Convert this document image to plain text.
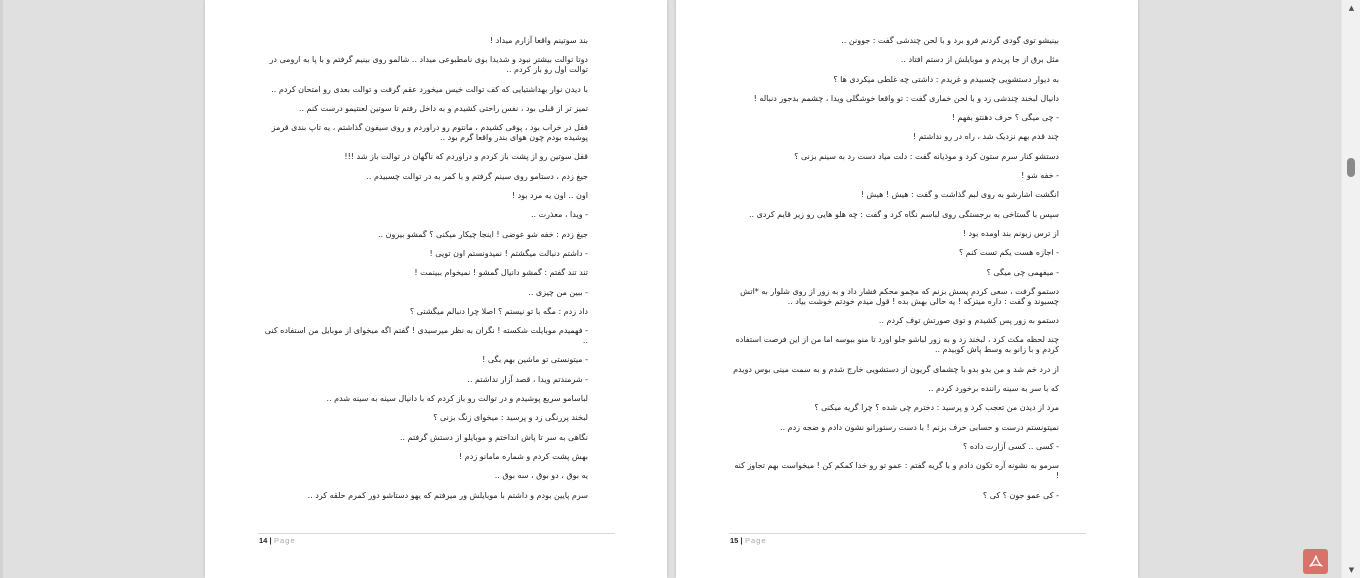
بند سوتینم واقعا آزارم میداد !
دوتا توالت بیشتر نبود و شدیدا بوی نامطبوعی میداد .. شالمو روی بینیم گرفتم و با پا به ارومی در توالت اول رو باز کردم ..
با دیدن نوار بهداشتیایی که کف توالت خیس میخورد عقم گرفت و توالت بعدی رو امتحان کردم ..
تمیز تر از قبلی بود ، نفس راحتی کشیدم و به داخل رفتم تا سوتین لعنتیمو درست کنم ..
قفل در خراب بود ، پوفی کشیدم ، مانتوم رو دراوردم و روی سیفون گذاشتم ، یه تاپ بندی قرمز پوشیده بودم چون هوای بندر واقعا گرم بود ..
قفل سوتین رو از پشت باز کردم و دراوردم که ناگهان در توالت باز شد !!!
جیغ زدم ، دستامو روی سینم گرفتم و با کمر به در توالت چسبیدم ..
اون .. اون یه مرد بود !
- ویدا ، معذرت ..
جیغ زدم : خفه شو عوضی ! اینجا چیکار میکنی ؟ گمشو بیرون ..
- داشتم دنبالت میگشتم ! نمیدونستم اون تویی !
تند تند گفتم : گمشو دانیال گمشو ! نمیخوام ببینمت !
- ببین من چیزی ..
داد زدم : مگه با تو نیستم ؟ اصلا چرا دنبالم میگشتی ؟
- فهمیدم موبایلت شکسته ! نگران به نظر میرسیدی ! گفتم اگه میخوای از موبایل من استفاده کنی ..
- میتونستی تو ماشین بهم بگی !
- شرمندتم ویدا ، قصد آزار نداشتم ..
لباسامو سریع پوشیدم و در توالت رو باز کردم که با دانیال سینه به سینه شدم ..
لبخند پررنگی زد و پرسید : میخوای زنگ بزنی ؟
نگاهی به سر تا پاش انداختم و موبایلو از دستش گرفتم ..
بهش پشت کردم و شماره مامانو زدم !
یه بوق ، دو بوق ، سه بوق ..
سرم پایین بودم و داشتم با موبایلش ور میرفتم که یهو دستاشو دور کمرم حلقه کرد ..
14 | Page
بینیشو توی گودی گردنم فرو برد و با لحن چندشی گفت : جوونن ..
مثل برق از جا پریدم و موبایلش از دستم افتاد ..
به دیوار دستشویی چسبیدم و غریدم : داشتی چه غلطی میکردی ها ؟
دانیال لبخند چندشی زد و با لحن خماری گفت : تو واقعا خوشگلی ویدا ، چشمم بدجور دنباله !
- چی میگی ؟ حرف دهنتو بفهم !
چند قدم بهم نزدیک شد ، راه در رو نداشتم !
دستشو کنار سرم ستون کرد و موذیانه گفت : دلت میاد دست رد به سینم بزنی ؟
- خفه شو !
انگشت اشارشو به روی لبم گذاشت و گفت : هیش ! هیش !
سپس با گستاخی به برجستگی روی لباسم نگاه کرد و گفت : چه هلو هایی رو زیر قایم کردی ..
از ترس زبونم بند اومده بود !
- اجازه هست یکم تست کنم ؟
- میفهمی چی میگی ؟
دستمو گرفت ، سعی کردم پسش بزنم که مچمو محکم فشار داد و به زور از روی شلوار به *اتش چسبوند و گفت : داره میترکه ! یه حالی بهش بده ! قول میدم خودتم خوشت بیاد ..
دستمو به زور پس کشیدم و توی صورتش توف کردم ..
چند لحظه مکث کرد ، لبخند زد و به زور لباشو جلو اورد تا منو ببوسه اما من از این فرصت استفاده کردم و با زانو به وسط پاش کوبیدم ..
از درد خم شد و من بدو بدو با چشمای گریون از دستشویی خارج شدم و به سمت مینی بوس دویدم
که با سر به سینه راننده برخورد کردم ..
مرد از دیدن من تعجب کرد و پرسید : دخترم چی شده ؟ چرا گریه میکنی ؟
نمیتونستم درست و حسابی حرف بزنم ! با دست رستورانو نشون دادم و ضجه زدم ..
- کسی .. کسی آزارت داده ؟
سرمو به نشونه آره تکون دادم و با گریه گفتم : عمو تو رو خدا کمکم کن ! میخواست بهم تجاوز کنه !
- کی عمو جون ؟ کی ؟
15 | Page
▲
▼
